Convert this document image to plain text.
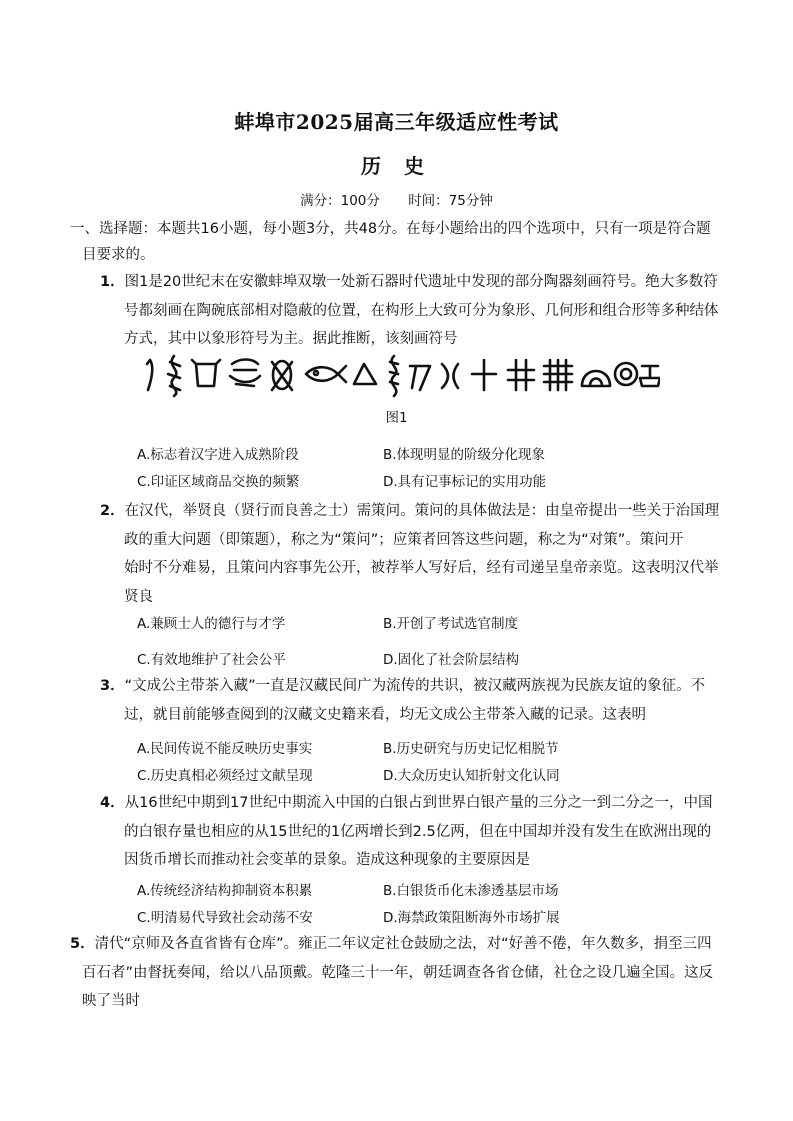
蚌埠市2025届高三年级适应性考试
历 史
满分：100分 时间：75分钟
一、选择题：本题共16小题，每小题3分，共48分。在每小题给出的四个选项中，只有一项是符合题
目要求的。
1．图1是20世纪末在安徽蚌埠双墩一处新石器时代遗址中发现的部分陶器刻画符号。绝大多数符
号都刻画在陶碗底部相对隐蔽的位置，在构形上大致可分为象形、几何形和组合形等多种结体
方式，其中以象形符号为主。据此推断，该刻画符号
图1
A.标志着汉字进入成熟阶段	B.体现明显的阶级分化现象
C.印证区域商品交换的频繁	D.具有记事标记的实用功能
2．在汉代，举贤良（贤行而良善之士）需策问。策问的具体做法是：由皇帝提出一些关于治国理
政的重大问题（即策题），称之为“策问”；应策者回答这些问题，称之为“对策”。策问开
始时不分难易，且策问内容事先公开，被荐举人写好后，经有司递呈皇帝亲览。这表明汉代举
贤良
A.兼顾士人的德行与才学	B.开创了考试选官制度
C.有效地维护了社会公平	D.固化了社会阶层结构
3．“文成公主带茶入藏”一直是汉藏民间广为流传的共识，被汉藏两族视为民族友谊的象征。不
过，就目前能够查阅到的汉藏文史籍来看，均无文成公主带茶入藏的记录。这表明
A.民间传说不能反映历史事实	B.历史研究与历史记忆相脱节
C.历史真相必须经过文献呈现	D.大众历史认知折射文化认同
4．从16世纪中期到17世纪中期流入中国的白银占到世界白银产量的三分之一到二分之一，中国
的白银存量也相应的从15世纪的1亿两增长到2.5亿两，但在中国却并没有发生在欧洲出现的
因货币增长而推动社会变革的景象。造成这种现象的主要原因是
A.传统经济结构抑制资本积累	B.白银货币化未渗透基层市场
C.明清易代导致社会动荡不安	D.海禁政策阻断海外市场扩展
5．清代“京师及各直省皆有仓库”。雍正二年议定社仓鼓励之法，对“好善不倦，年久数多，捐至三四
百石者”由督抚奏闻，给以八品顶戴。乾隆三十一年，朝廷调查各省仓储，社仓之设几遍全国。这反
映了当时
